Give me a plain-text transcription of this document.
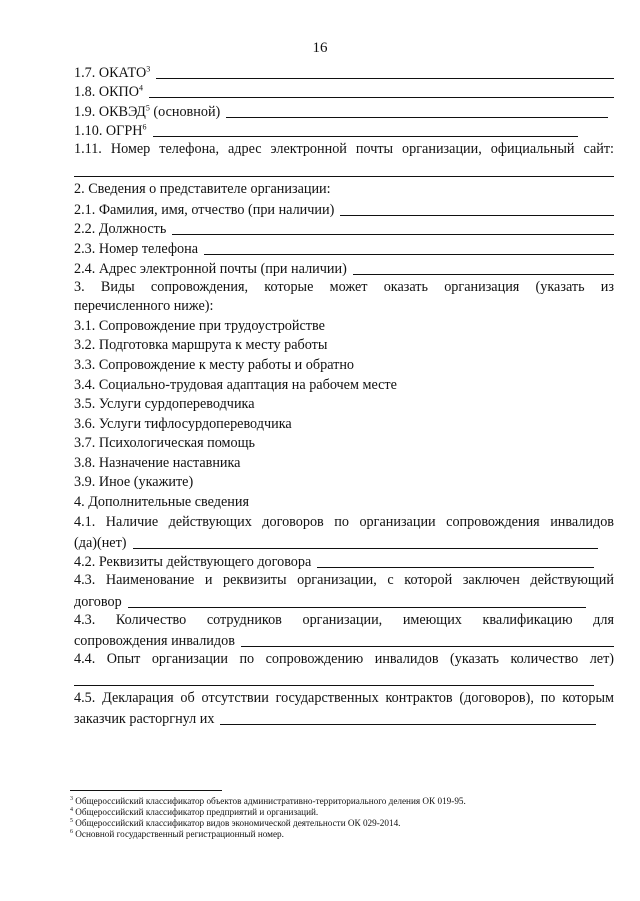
16
1.7. ОКАТО$^3$
1.8. ОКПО$^4$
1.9. ОКВЭД$^5$ (основной)
1.10. ОГРН$^6$
1.11. Номер телефона, адрес электронной почты организации, официальный сайт:
2. Сведения о представителе организации:
2.1. Фамилия, имя, отчество (при наличии)
2.2. Должность
2.3. Номер телефона
2.4. Адрес электронной почты (при наличии)
3. Виды сопровождения, которые может оказать организация (указать из
перечисленного ниже):
3.1. Сопровождение при трудоустройстве
3.2. Подготовка маршрута к месту работы
3.3. Сопровождение к месту работы и обратно
3.4. Социально-трудовая адаптация на рабочем месте
3.5. Услуги сурдопереводчика
3.6. Услуги тифлосурдопереводчика
3.7. Психологическая помощь
3.8. Назначение наставника
3.9. Иное (укажите)
4. Дополнительные сведения
4.1. Наличие действующих договоров по организации сопровождения инвалидов
(да)(нет)
4.2. Реквизиты действующего договора
4.3. Наименование и реквизиты организации, с которой заключен действующий
договор
4.3. Количество сотрудников организации, имеющих квалификацию для
сопровождения инвалидов
4.4. Опыт организации по сопровождению инвалидов (указать количество лет)
4.5. Декларация об отсутствии государственных контрактов (договоров), по которым
заказчик расторгнул их
$^3$ Общероссийский классификатор объектов административно-территориального деления ОК 019-95.
$^4$ Общероссийский классификатор предприятий и организаций.
$^5$ Общероссийский классификатор видов экономической деятельности ОК 029-2014.
$^6$ Основной государственный регистрационный номер.
